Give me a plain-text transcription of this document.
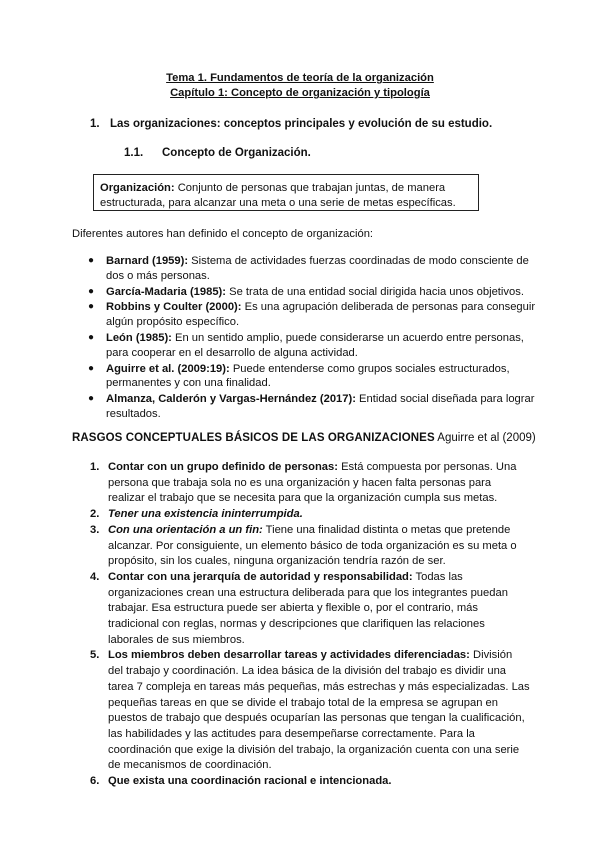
Tema 1. Fundamentos de teoría de la organización
Capítulo 1: Concepto de organización y tipología
1. Las organizaciones: conceptos principales y evolución de su estudio.
1.1. Concepto de Organización.
Organización: Conjunto de personas que trabajan juntas, de manera estructurada, para alcanzar una meta o una serie de metas específicas.
Diferentes autores han definido el concepto de organización:
● Barnard (1959): Sistema de actividades fuerzas coordinadas de modo consciente de dos o más personas.
● García-Madaria (1985): Se trata de una entidad social dirigida hacia unos objetivos.
● Robbins y Coulter (2000): Es una agrupación deliberada de personas para conseguir algún propósito específico.
● León (1985): En un sentido amplio, puede considerarse un acuerdo entre personas, para cooperar en el desarrollo de alguna actividad.
● Aguirre et al. (2009:19): Puede entenderse como grupos sociales estructurados, permanentes y con una finalidad.
● Almanza, Calderón y Vargas-Hernández (2017): Entidad social diseñada para lograr resultados.
RASGOS CONCEPTUALES BÁSICOS DE LAS ORGANIZACIONES Aguirre et al (2009)
1. Contar con un grupo definido de personas: Está compuesta por personas. Una persona que trabaja sola no es una organización y hacen falta personas para realizar el trabajo que se necesita para que la organización cumpla sus metas.
2. Tener una existencia ininterrumpida.
3. Con una orientación a un fin: Tiene una finalidad distinta o metas que pretende alcanzar. Por consiguiente, un elemento básico de toda organización es su meta o propósito, sin los cuales, ninguna organización tendría razón de ser.
4. Contar con una jerarquía de autoridad y responsabilidad: Todas las organizaciones crean una estructura deliberada para que los integrantes puedan trabajar. Esa estructura puede ser abierta y flexible o, por el contrario, más tradicional con reglas, normas y descripciones que clarifiquen las relaciones laborales de sus miembros.
5. Los miembros deben desarrollar tareas y actividades diferenciadas: División del trabajo y coordinación. La idea básica de la división del trabajo es dividir una tarea 7 compleja en tareas más pequeñas, más estrechas y más especializadas. Las pequeñas tareas en que se divide el trabajo total de la empresa se agrupan en puestos de trabajo que después ocuparían las personas que tengan la cualificación, las habilidades y las actitudes para desempeñarse correctamente. Para la coordinación que exige la división del trabajo, la organización cuenta con una serie de mecanismos de coordinación.
6. Que exista una coordinación racional e intencionada.
